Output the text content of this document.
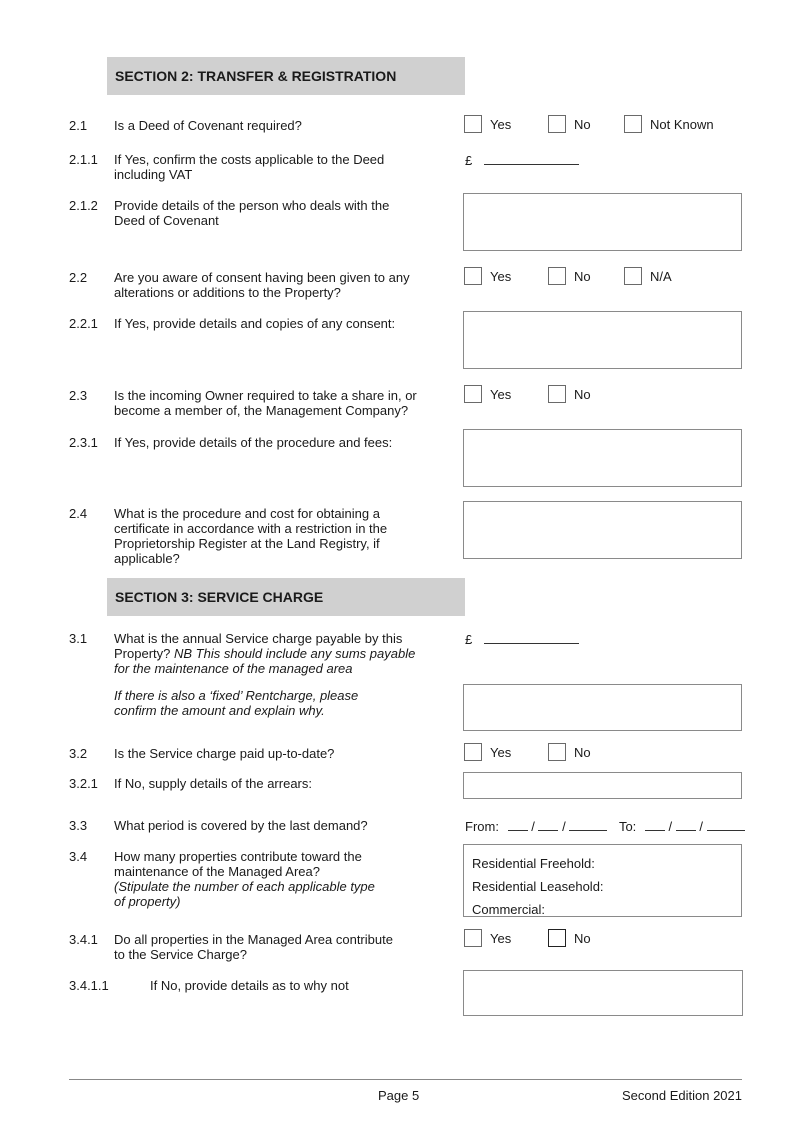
SECTION 2: TRANSFER & REGISTRATION
2.1 Is a Deed of Covenant required?	Yes	No	Not Known
2.1.1 If Yes, confirm the costs applicable to the Deed
including VAT
£
2.1.2 Provide details of the person who deals with the
Deed of Covenant
2.2 Are you aware of consent having been given to any
alterations or additions to the Property?
Yes	No	N/A
2.2.1 If Yes, provide details and copies of any consent:
2.3 Is the incoming Owner required to take a share in, or
become a member of, the Management Company?
Yes	No
2.3.1 If Yes, provide details of the procedure and fees:
2.4 What is the procedure and cost for obtaining a
certificate in accordance with a restriction in the
Proprietorship Register at the Land Registry, if
applicable?
SECTION 3: SERVICE CHARGE
3.1 What is the annual Service charge payable by this
Property? NB This should include any sums payable
for the maintenance of the managed area
£
If there is also a ‘fixed’ Rentcharge, please
confirm the amount and explain why.
3.2 Is the Service charge paid up-to-date?	Yes	No
3.2.1 If No, supply details of the arrears:
3.3 What period is covered by the last demand?	From: / /	To: / /
3.4 How many properties contribute toward the
maintenance of the Managed Area?
(Stipulate the number of each applicable type
of property)
Residential Freehold:
Residential Leasehold:
Commercial:
3.4.1 Do all properties in the Managed Area contribute
to the Service Charge?
Yes	No
3.4.1.1	If No, provide details as to why not
Page 5	Second Edition 2021
